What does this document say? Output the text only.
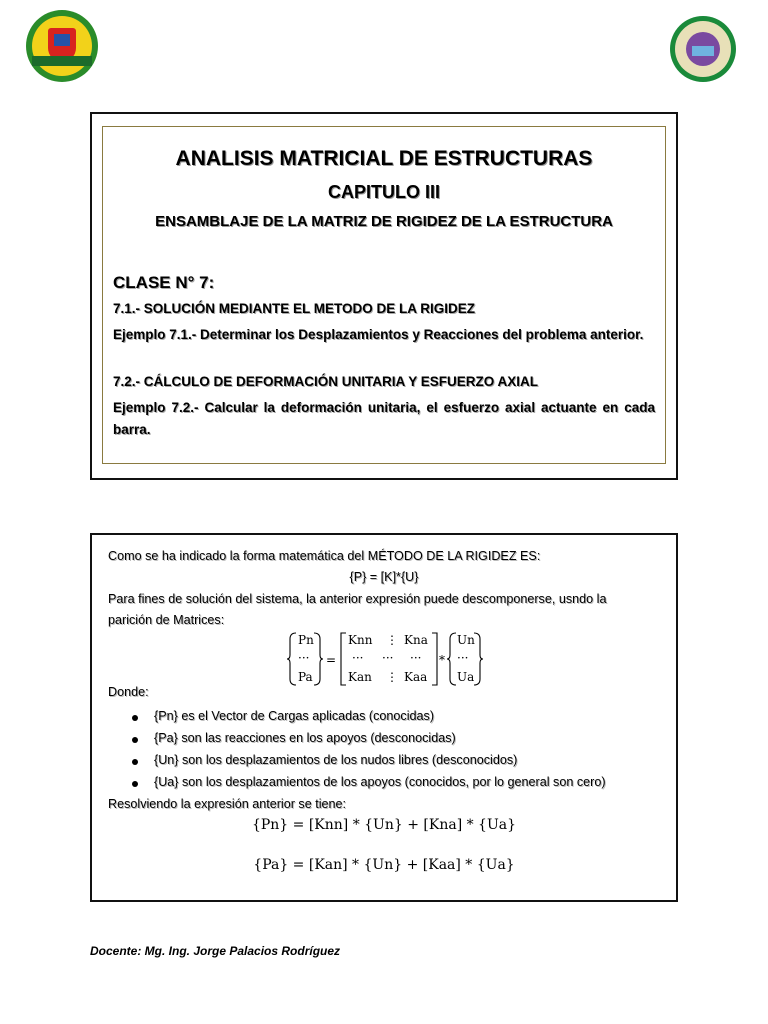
ANALISIS MATRICIAL DE ESTRUCTURAS
CAPITULO III
ENSAMBLAJE DE LA MATRIZ DE RIGIDEZ DE LA ESTRUCTURA
CLASE N° 7:
7.1.- SOLUCIÓN MEDIANTE EL METODO DE LA RIGIDEZ
Ejemplo 7.1.- Determinar los Desplazamientos y Reacciones del problema anterior.
7.2.- CÁLCULO DE DEFORMACIÓN UNITARIA Y ESFUERZO AXIAL
Ejemplo 7.2.- Calcular la deformación unitaria, el esfuerzo axial actuante en cada barra.
Como se ha indicado la forma matemática del MÉTODO DE LA RIGIDEZ ES:
{P} = [K]*{U}
Para fines de solución del sistema, la anterior expresión puede descomponerse, usndo la
parición de Matrices:
Pn
···
Pa
=
Knn ⋮ Kna
··· ··· ···
Kan ⋮ Kaa
*
Un
···
Ua
Donde:
{Pn} es el Vector de Cargas aplicadas (conocidas)
{Pa} son las reacciones en los apoyos (desconocidas)
{Un} son los desplazamientos de los nudos libres (desconocidos)
{Ua} son los desplazamientos de los apoyos (conocidos, por lo general son cero)
Resolviendo la expresión anterior se tiene:
{Pn} = [Knn] * {Un} + [Kna] * {Ua}
{Pa} = [Kan] * {Un} + [Kaa] * {Ua}
Docente: Mg. Ing. Jorge Palacios Rodríguez
